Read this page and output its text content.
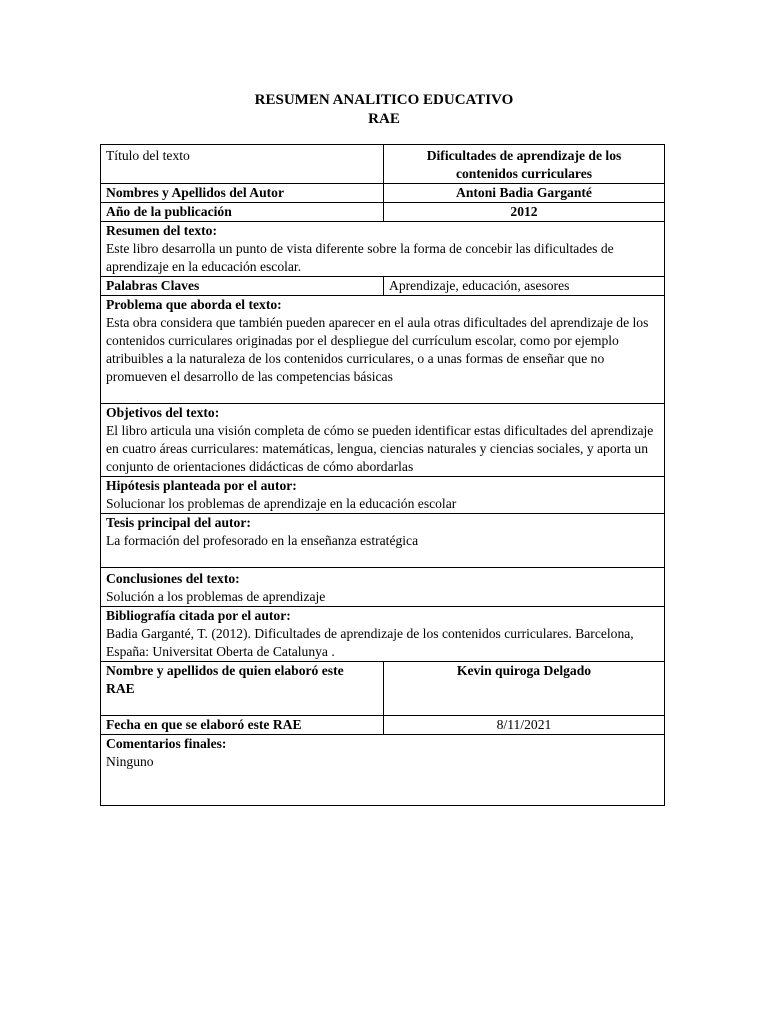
RESUMEN ANALITICO EDUCATIVO
RAE
Título del texto	Dificultades de aprendizaje de los contenidos curriculares
Nombres y Apellidos del Autor	Antoni Badia Garganté
Año de la publicación	2012

Resumen del texto:
Este libro desarrolla un punto de vista diferente sobre la forma de concebir las dificultades de aprendizaje en la educación escolar.	

Palabras Claves	Aprendizaje, educación, asesores

Problema que aborda el texto:
Esta obra considera que también pueden aparecer en el aula otras dificultades del aprendizaje de los contenidos curriculares originadas por el despliegue del currículum escolar, como por ejemplo atribuibles a la naturaleza de los contenidos curriculares, o a unas formas de enseñar que no promueven el desarrollo de las competencias básicas	

Objetivos del texto:
El libro articula una visión completa de cómo se pueden identificar estas dificultades del aprendizaje en cuatro áreas curriculares: matemáticas, lengua, ciencias naturales y ciencias sociales, y aporta un conjunto de orientaciones didácticas de cómo abordarlas	

Hipótesis planteada por el autor:
Solucionar los problemas de aprendizaje en la educación escolar	

Tesis principal del autor:
La formación del profesorado en la enseñanza estratégica	

Conclusiones del texto:
Solución a los problemas de aprendizaje	

Bibliografía citada por el autor:
Badia Garganté, T. (2012). Dificultades de aprendizaje de los contenidos curriculares. Barcelona, España: Universitat Oberta de Catalunya .	

Nombre y apellidos de quien elaboró este RAE	Kevin quiroga Delgado
Fecha en que se elaboró este RAE	8/11/2021

Comentarios finales:
Ninguno	
